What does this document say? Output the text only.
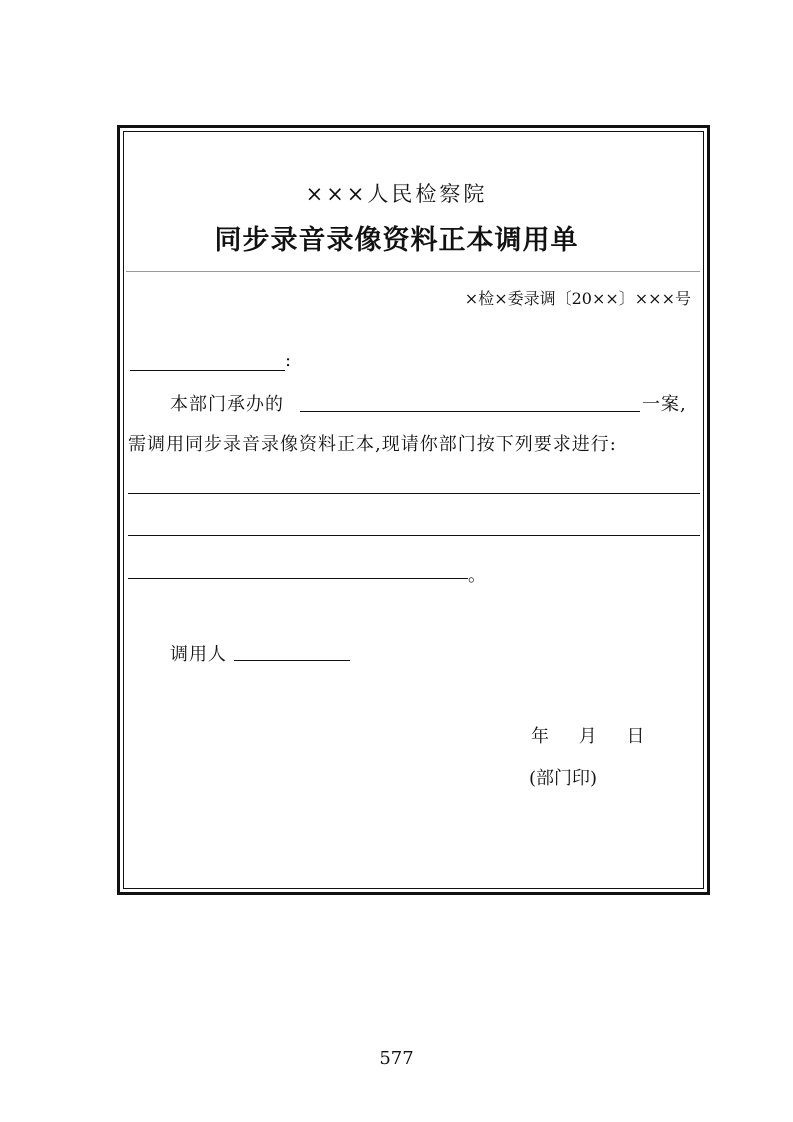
×××人民检察院
同步录音录像资料正本调用单
×检×委录调〔20××〕×××号
:
本部门承办的	一案,
需调用同步录音录像资料正本,现请你部门按下列要求进行:
。
调用人
年 月 日
(部门印)
577
